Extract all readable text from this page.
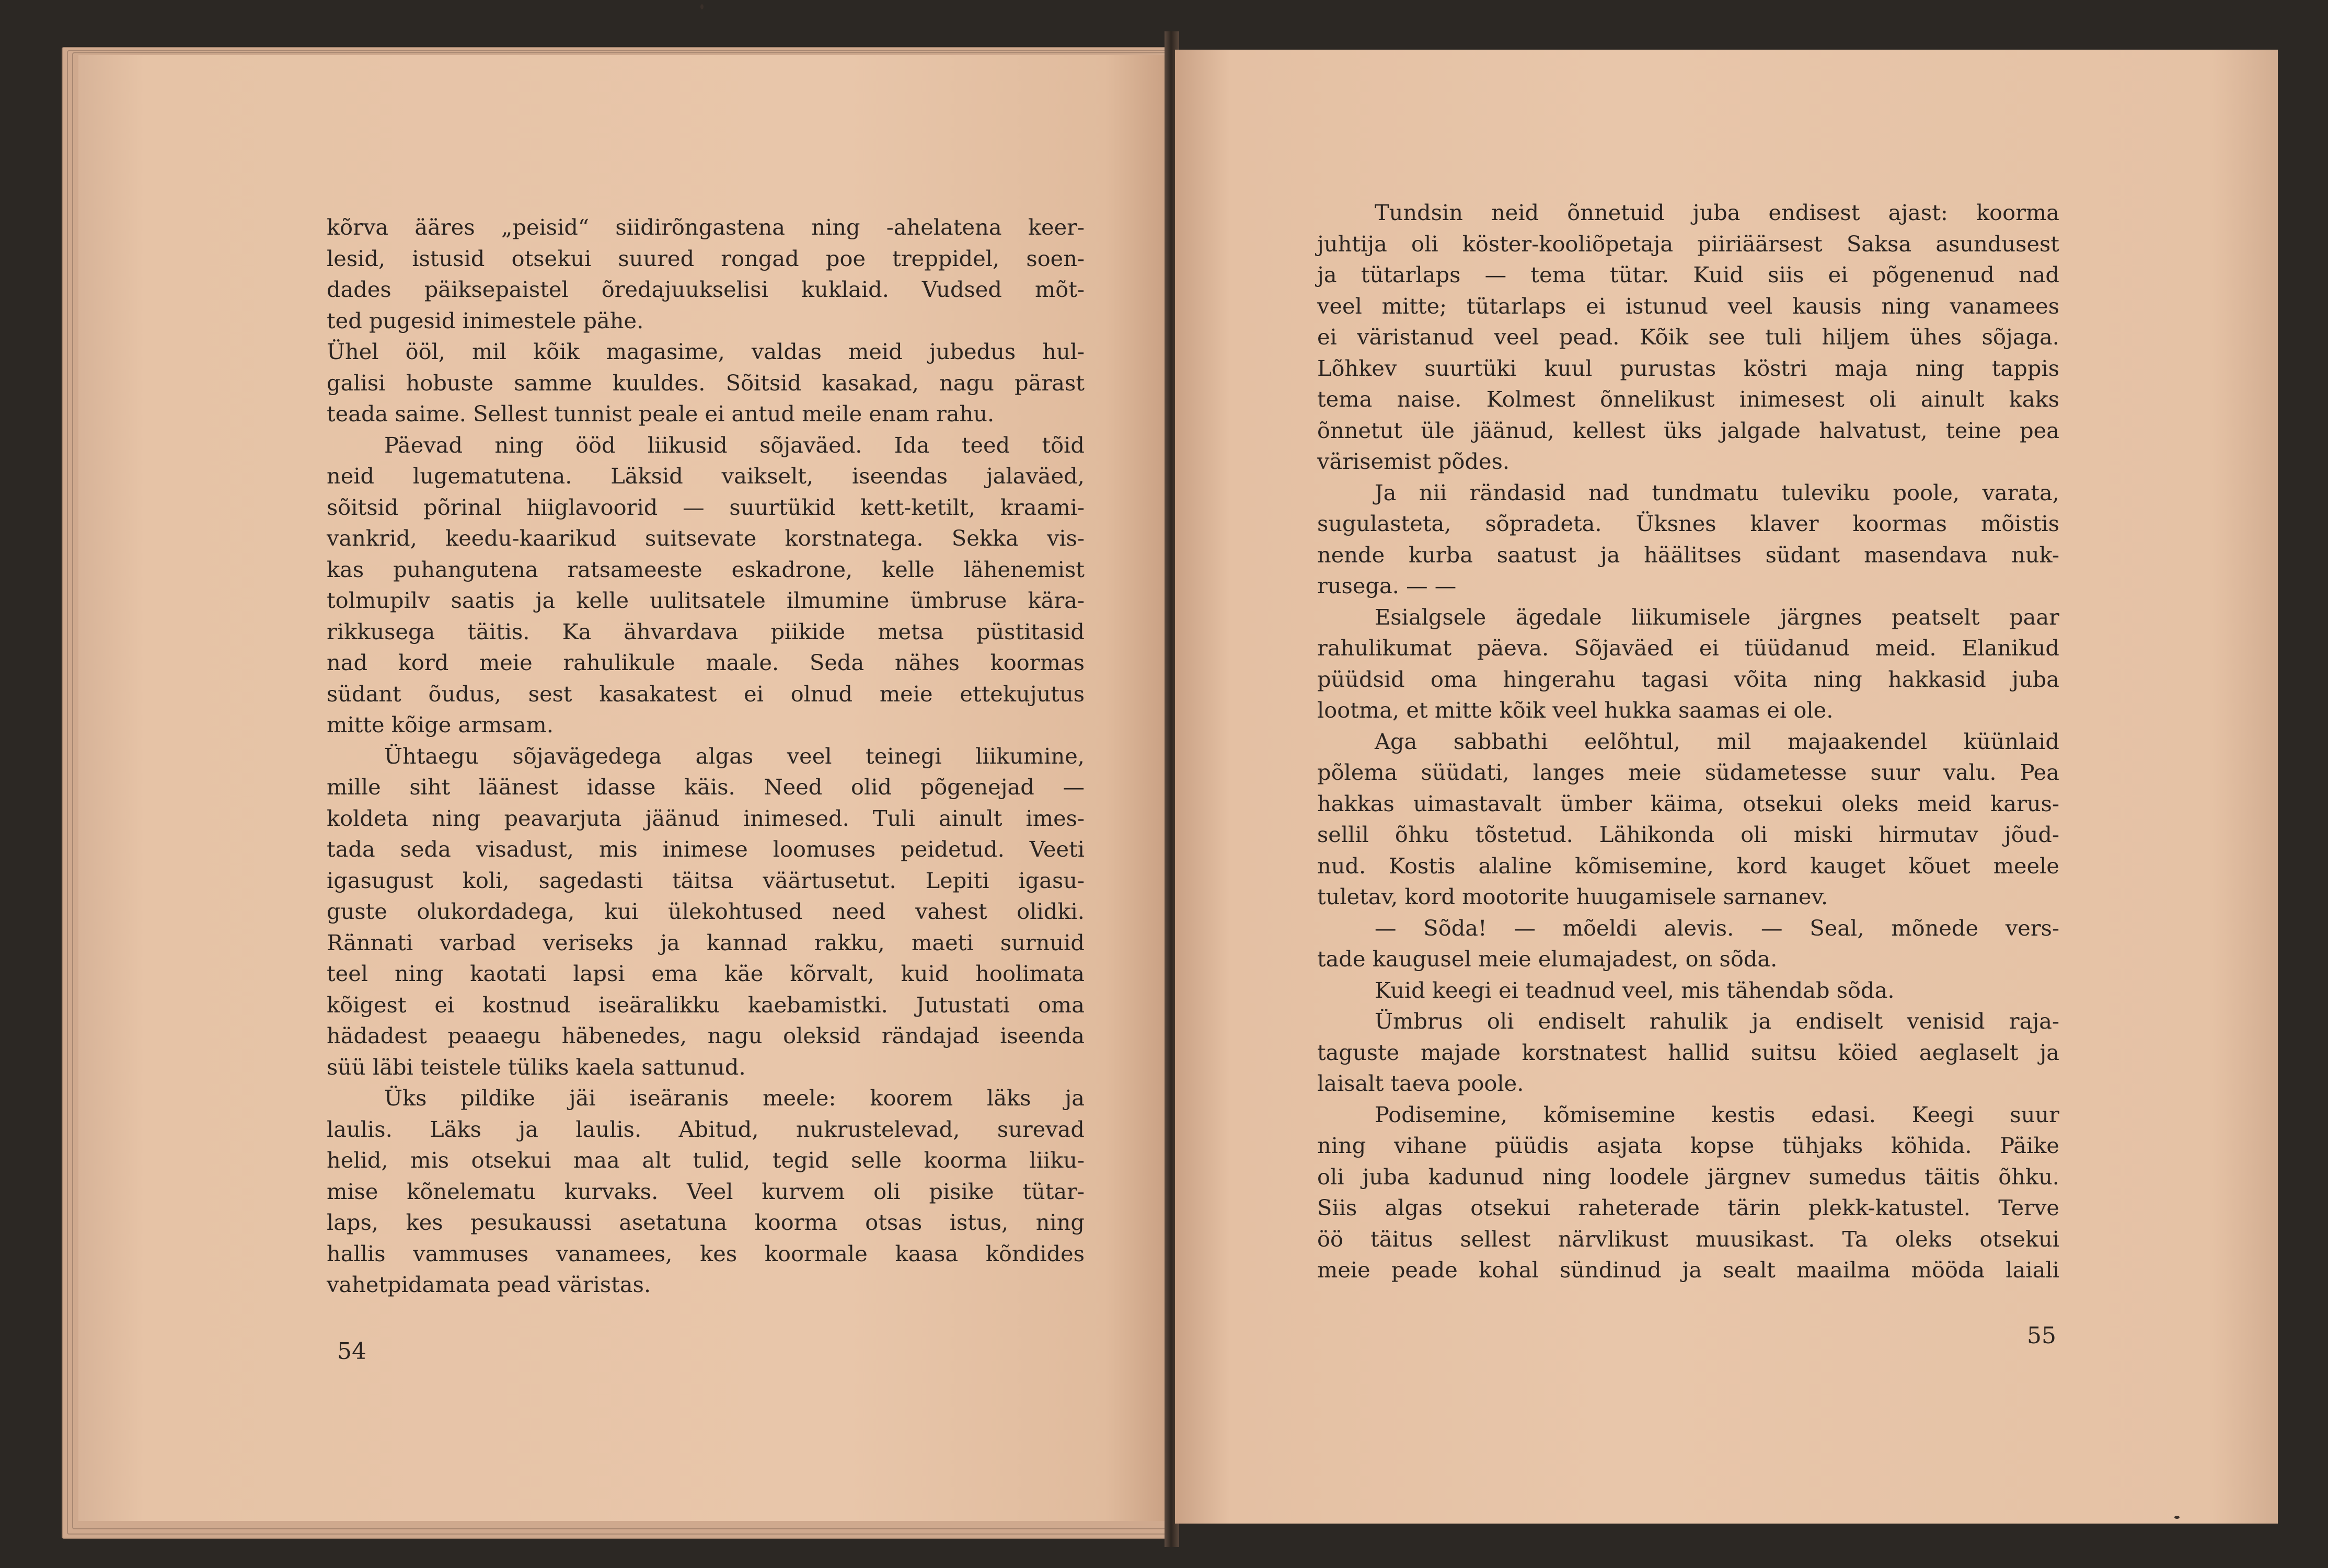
kõrva ääres „peisid“ siidirõngastena ning -ahelatena keer-
lesid, istusid otsekui suured rongad poe treppidel, soen-
dades päiksepaistel õredajuukselisi kuklaid. Vudsed mõt-
ted pugesid inimestele pähe.
Ühel ööl, mil kõik magasime, valdas meid jubedus hul-
galisi hobuste samme kuuldes. Sõitsid kasakad, nagu pärast
teada saime. Sellest tunnist peale ei antud meile enam rahu.
Päevad ning ööd liikusid sõjaväed. Ida teed tõid
neid lugematutena. Läksid vaikselt, iseendas jalaväed,
sõitsid põrinal hiiglavoorid — suurtükid kett-ketilt, kraami-
vankrid, keedu-kaarikud suitsevate korstnatega. Sekka vis-
kas puhangutena ratsameeste eskadrone, kelle lähenemist
tolmupilv saatis ja kelle uulitsatele ilmumine ümbruse kära-
rikkusega täitis. Ka ähvardava piikide metsa püstitasid
nad kord meie rahulikule maale. Seda nähes koormas
südant õudus, sest kasakatest ei olnud meie ettekujutus
mitte kõige armsam.
Ühtaegu sõjavägedega algas veel teinegi liikumine,
mille siht läänest idasse käis. Need olid põgenejad —
koldeta ning peavarjuta jäänud inimesed. Tuli ainult imes-
tada seda visadust, mis inimese loomuses peidetud. Veeti
igasugust koli, sagedasti täitsa väärtusetut. Lepiti igasu-
guste olukordadega, kui ülekohtused need vahest olidki.
Rännati varbad veriseks ja kannad rakku, maeti surnuid
teel ning kaotati lapsi ema käe kõrvalt, kuid hoolimata
kõigest ei kostnud iseäralikku kaebamistki. Jutustati oma
hädadest peaaegu häbenedes, nagu oleksid rändajad iseenda
süü läbi teistele tüliks kaela sattunud.
Üks pildike jäi iseäranis meele: koorem läks ja
laulis. Läks ja laulis. Abitud, nukrustelevad, surevad
helid, mis otsekui maa alt tulid, tegid selle koorma liiku-
mise kõnelematu kurvaks. Veel kurvem oli pisike tütar-
laps, kes pesukaussi asetatuna koorma otsas istus, ning
hallis vammuses vanamees, kes koormale kaasa kõndides
vahetpidamata pead väristas.
54
Tundsin neid õnnetuid juba endisest ajast: koorma
juhtija oli köster-kooliõpetaja piiriäärsest Saksa asundusest
ja tütarlaps — tema tütar. Kuid siis ei põgenenud nad
veel mitte; tütarlaps ei istunud veel kausis ning vanamees
ei väristanud veel pead. Kõik see tuli hiljem ühes sõjaga.
Lõhkev suurtüki kuul purustas köstri maja ning tappis
tema naise. Kolmest õnnelikust inimesest oli ainult kaks
õnnetut üle jäänud, kellest üks jalgade halvatust, teine pea
värisemist põdes.
Ja nii rändasid nad tundmatu tuleviku poole, varata,
sugulasteta, sõpradeta. Üksnes klaver koormas mõistis
nende kurba saatust ja häälitses südant masendava nuk-
rusega. — —
Esialgsele ägedale liikumisele järgnes peatselt paar
rahulikumat päeva. Sõjaväed ei tüüdanud meid. Elanikud
püüdsid oma hingerahu tagasi võita ning hakkasid juba
lootma, et mitte kõik veel hukka saamas ei ole.
Aga sabbathi eelõhtul, mil majaakendel küünlaid
põlema süüdati, langes meie südametesse suur valu. Pea
hakkas uimastavalt ümber käima, otsekui oleks meid karus-
sellil õhku tõstetud. Lähikonda oli miski hirmutav jõud-
nud. Kostis alaline kõmisemine, kord kauget kõuet meele
tuletav, kord mootorite huugamisele sarnanev.
— Sõda! — mõeldi alevis. — Seal, mõnede vers-
tade kaugusel meie elumajadest, on sõda.
Kuid keegi ei teadnud veel, mis tähendab sõda.
Ümbrus oli endiselt rahulik ja endiselt venisid raja-
taguste majade korstnatest hallid suitsu köied aeglaselt ja
laisalt taeva poole.
Podisemine, kõmisemine kestis edasi. Keegi suur
ning vihane püüdis asjata kopse tühjaks köhida. Päike
oli juba kadunud ning loodele järgnev sumedus täitis õhku.
Siis algas otsekui raheterade tärin plekk-katustel. Terve
öö täitus sellest närvlikust muusikast. Ta oleks otsekui
meie peade kohal sündinud ja sealt maailma mööda laiali
55
